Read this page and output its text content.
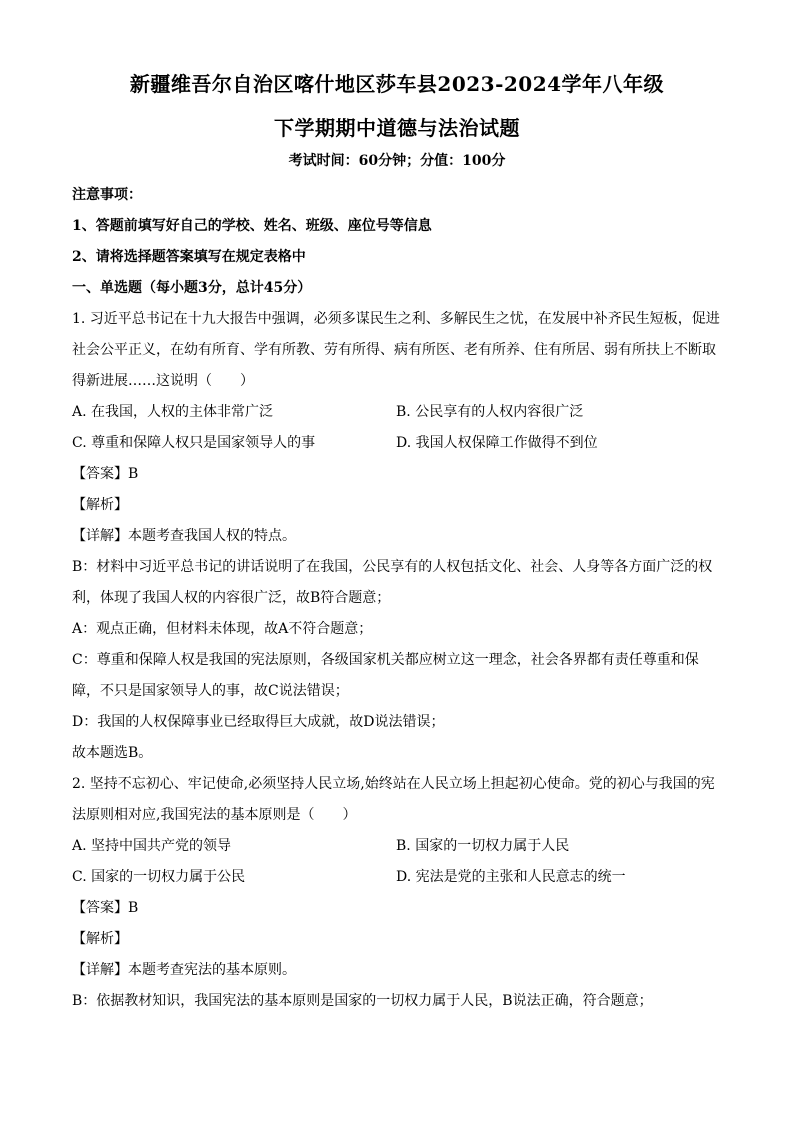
新疆维吾尔自治区喀什地区莎车县2023-2024学年八年级
下学期期中道德与法治试题
考试时间：60分钟；分值：100分
注意事项：
1、答题前填写好自己的学校、姓名、班级、座位号等信息
2、请将选择题答案填写在规定表格中
一、单选题（每小题3分，总计45分）
1. 习近平总书记在十九大报告中强调，必须多谋民生之利、多解民生之忧，在发展中补齐民生短板，促进
社会公平正义，在幼有所育、学有所教、劳有所得、病有所医、老有所养、住有所居、弱有所扶上不断取
得新进展……这说明（　　）
A. 在我国，人权的主体非常广泛	B. 公民享有的人权内容很广泛
C. 尊重和保障人权只是国家领导人的事	D. 我国人权保障工作做得不到位
【答案】B
【解析】
【详解】本题考查我国人权的特点。
B：材料中习近平总书记的讲话说明了在我国，公民享有的人权包括文化、社会、人身等各方面广泛的权
利，体现了我国人权的内容很广泛，故B符合题意；
A：观点正确，但材料未体现，故A不符合题意；
C：尊重和保障人权是我国的宪法原则，各级国家机关都应树立这一理念，社会各界都有责任尊重和保
障，不只是国家领导人的事，故C说法错误；
D：我国的人权保障事业已经取得巨大成就，故D说法错误；
故本题选B。
2. 坚持不忘初心、牢记使命,必须坚持人民立场,始终站在人民立场上担起初心使命。党的初心与我国的宪
法原则相对应,我国宪法的基本原则是（　　）
A. 坚持中国共产党的领导	B. 国家的一切权力属于人民
C. 国家的一切权力属于公民	D. 宪法是党的主张和人民意志的统一
【答案】B
【解析】
【详解】本题考查宪法的基本原则。
B：依据教材知识，我国宪法的基本原则是国家的一切权力属于人民，B说法正确，符合题意；
